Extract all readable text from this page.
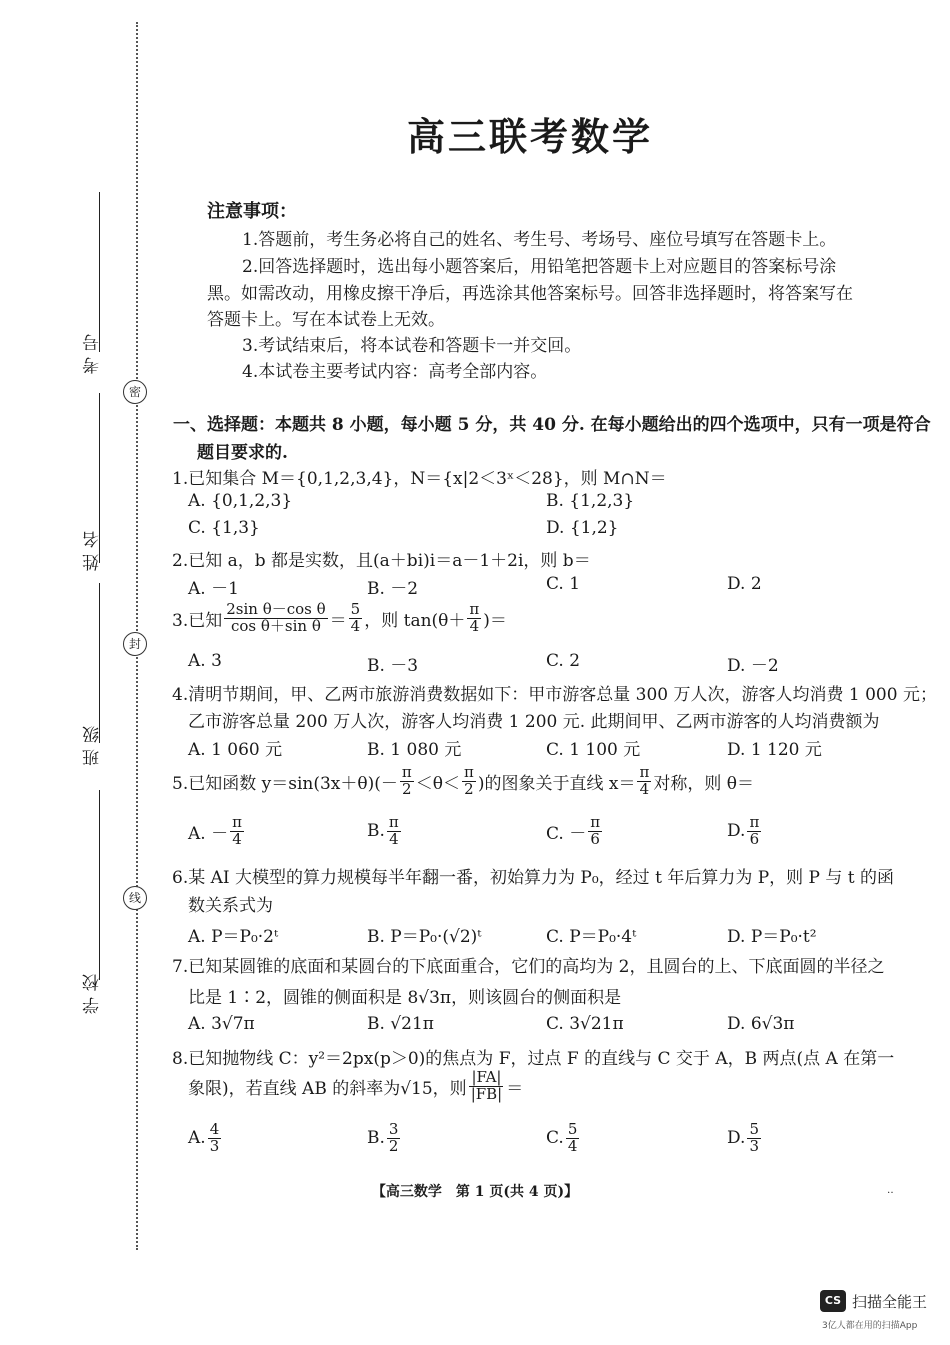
考号
密
姓名
封
班级
线
学校
高三联考数学
注意事项：
1.答题前，考生务必将自己的姓名、考生号、考场号、座位号填写在答题卡上。
2.回答选择题时，选出每小题答案后，用铅笔把答题卡上对应题目的答案标号涂
黑。如需改动，用橡皮擦干净后，再选涂其他答案标号。回答非选择题时，将答案写在
答题卡上。写在本试卷上无效。
3.考试结束后，将本试卷和答题卡一并交回。
4.本试卷主要考试内容：高考全部内容。
一、选择题：本题共 8 小题，每小题 5 分，共 40 分. 在每小题给出的四个选项中，只有一项是符合
题目要求的.
1.已知集合 M＝{0,1,2,3,4}，N＝{x|2＜3ˣ＜28}，则 M∩N＝
A. {0,1,2,3}	B. {1,2,3}
C. {1,3}	D. {1,2}
2.已知 a，b 都是实数，且(a＋bi)i＝a－1＋2i，则 b＝
A. －1	B. －2	C. 1	D. 2
3.已知 $\frac{\text{2sin θ－cos θ}}{\text{cos θ＋sin θ}} = \frac{5}{4}$ ，则 $\tan(\theta+ \frac{\pi}{4}$ )＝
A. 3	B. －3	C. 2	D. －2
4.清明节期间，甲、乙两市旅游消费数据如下：甲市游客总量 300 万人次，游客人均消费 1 000 元；
乙市游客总量 200 万人次，游客人均消费 1 200 元. 此期间甲、乙两市游客的人均消费额为
A. 1 060 元	B. 1 080 元	C. 1 100 元	D. 1 120 元
5.已知函数 $y=\sin(3x+\theta)(- \frac{\pi}{2} <\theta< \frac{\pi}{2}$ )的图象关于直线 $x= \frac{\pi}{4}$ 对称，则 θ＝
A. － $\frac{\pi}{4}$	B. $\frac{\pi}{4}$	C. － $\frac{\pi}{6}$	D. $\frac{\pi}{6}$
6.某 AI 大模型的算力规模每半年翻一番，初始算力为 P₀，经过 t 年后算力为 P，则 P 与 t 的函
数关系式为
A. P＝P₀·2ᵗ	B. P＝P₀·(√2)ᵗ	C. P＝P₀·4ᵗ	D. P＝P₀·t²
7.已知某圆锥的底面和某圆台的下底面重合，它们的高均为 2，且圆台的上、下底面圆的半径之
比是 1∶2，圆锥的侧面积是 8√3π，则该圆台的侧面积是
A. 3√7π	B. √21π	C. 3√21π	D. 6√3π
8.已知抛物线 C：y²＝2px(p＞0)的焦点为 F，过点 F 的直线与 C 交于 A，B 两点(点 A 在第一
象限)，若直线 AB 的斜率为√15，则 $\frac{|FA|}{|FB|}$ ＝
A. $\frac{4}{3}$	B. $\frac{3}{2}$	C. $\frac{5}{4}$	D. $\frac{5}{3}$
【高三数学　第 1 页(共 4 页)】	‥
CS 扫描全能王
3亿人都在用的扫描App
